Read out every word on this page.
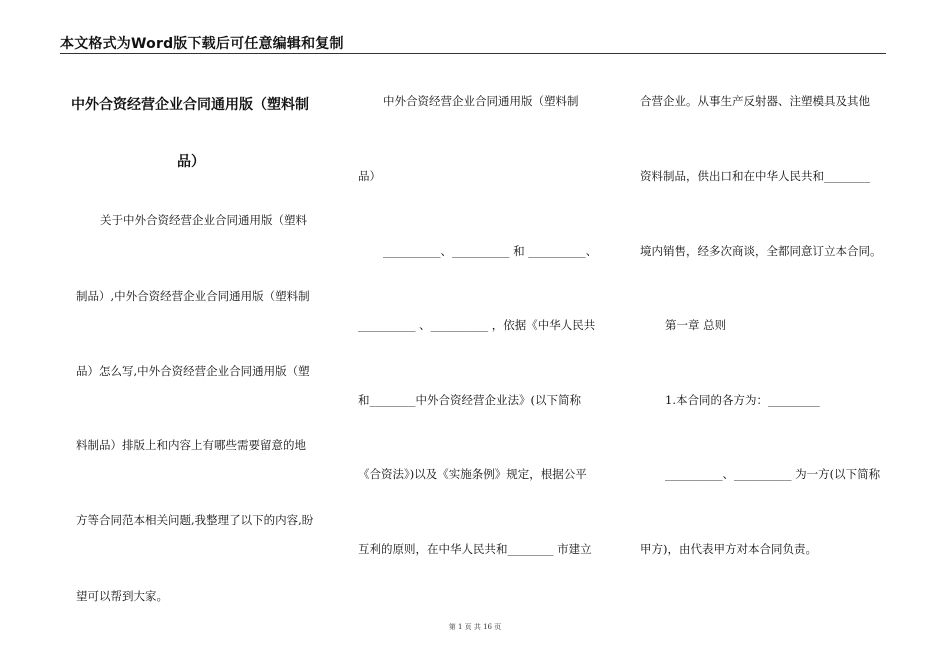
本文格式为Word版下载后可任意编辑和复制
中外合资经营企业合同通用版（塑料制
品）
关于中外合资经营企业合同通用版（塑料
制品）,中外合资经营企业合同通用版（塑料制
品）怎么写,中外合资经营企业合同通用版（塑
料制品）排版上和内容上有哪些需要留意的地
方等合同范本相关问题,我整理了以下的内容,盼
望可以帮到大家。
中外合资经营企业合同通用版（塑料制
品）
__________、__________ 和 __________、
__________ 、__________ ，依据《中华人民共
和________中外合资经营企业法》(以下简称
《合资法》)以及《实施条例》规定，根据公平
互利的原则，在中华人民共和________ 市建立
合营企业。从事生产反射器、注塑模具及其他
资料制品，供出口和在中华人民共和________
境内销售，经多次商谈，全都同意订立本合同。
第一章 总则
1.本合同的各方为：_________
__________、__________ 为一方(以下简称
甲方)，由代表甲方对本合同负责。
第 1 页 共 16 页
